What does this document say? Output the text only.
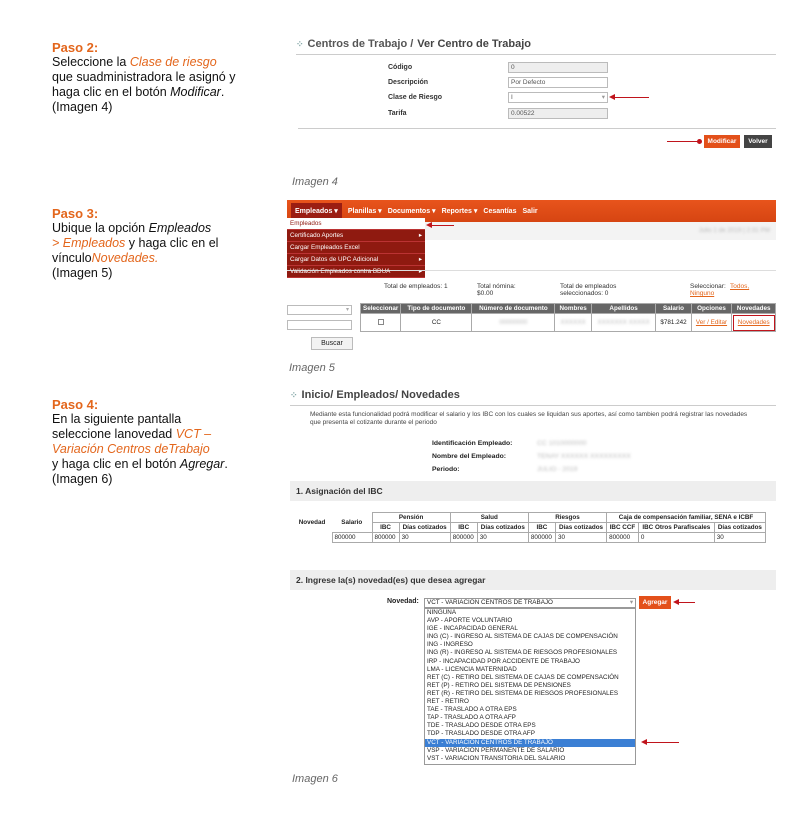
Paso 2:
Seleccione la Clase de riesgo que suadministradora le asignó y haga clic en el botón Modificar.
(Imagen 4)
Paso 3:
Ubique la opción Empleados
> Empleados y haga clic en el vínculoNovedades.
(Imagen 5)
Paso 4:
En la siguiente pantalla seleccione lanovedad VCT – Variación Centros deTrabajo
y haga clic en el botón Agregar.
(Imagen 6)
⁘ Centros de Trabajo / Ver Centro de Trabajo
Código	0
Descripción	Por Defecto
Clase de Riesgo	I	▾
Tarifa	0.00522
Modificar	Volver
Imagen 4
Empleados ▾	Planillas ▾ Documentos ▾ Reportes ▾ Cesantías Salir
Julio 1 de 2019 | 2:31 PM
Empleados
Certificado Aportes	▸
Cargar Empleados Excel
Cargar Datos de UPC Adicional	▸
Validación Empleados contra BDUA	▸
Total de empleados: 1	Total nómina:
$0.00
Total de empleados seleccionados: 0
Seleccionar: Todos,
Ninguno
▾
Buscar
Seleccionar	Tipo de documento	Número de documento	Nombres	Apellidos	Salario	Opciones	Novedades
	CC	00000000	XXXXXX	XXXXXXX XXXXX	$781.242	Ver / Editar	Novedades
Imagen 5
⁘ Inicio/ Empleados/ Novedades
Mediante esta funcionalidad podrá modificar el salario y los IBC con los cuales se liquidan sus aportes, así como tambien podrá registrar las novedades que presenta el cotizante durante el periodo
Identificación Empleado:	CC 1010000000
Nombre del Empleado:	TENAY XXXXXX XXXXXXXXX
Periodo:	JULIO - 2019
1. Asignación del IBC
Novedad	Salario	Pensión		Salud		Riesgos		Caja de compensación familiar, SENA e ICBF		
		IBC	Días cotizados	IBC	Días cotizados	IBC	Días cotizados	IBC CCF	IBC Otros Parafiscales	Días cotizados
	800000	800000	30	800000	30	800000	30	800000	0	30
2. Ingrese la(s) novedad(es) que desea agregar
Novedad:	VCT - VARIACION CENTROS DE TRABAJO	▾	Agregar
NINGUNA
AVP - APORTE VOLUNTARIO
IGE - INCAPACIDAD GENERAL
ING (C) - INGRESO AL SISTEMA DE CAJAS DE COMPENSACIÓN
ING - INGRESO
ING (R) - INGRESO AL SISTEMA DE RIESGOS PROFESIONALES
IRP - INCAPACIDAD POR ACCIDENTE DE TRABAJO
LMA - LICENCIA MATERNIDAD
RET (C) - RETIRO DEL SISTEMA DE CAJAS DE COMPENSACIÓN
RET (P) - RETIRO DEL SISTEMA DE PENSIONES
RET (R) - RETIRO DEL SISTEMA DE RIESGOS PROFESIONALES
RET - RETIRO
TAE - TRASLADO A OTRA EPS
TAP - TRASLADO A OTRA AFP
TDE - TRASLADO DESDE OTRA EPS
TDP - TRASLADO DESDE OTRA AFP
VCT - VARIACION CENTROS DE TRABAJO
VSP - VARIACION PERMANENTE DE SALARIO
VST - VARIACION TRANSITORIA DEL SALARIO
Imagen 6
